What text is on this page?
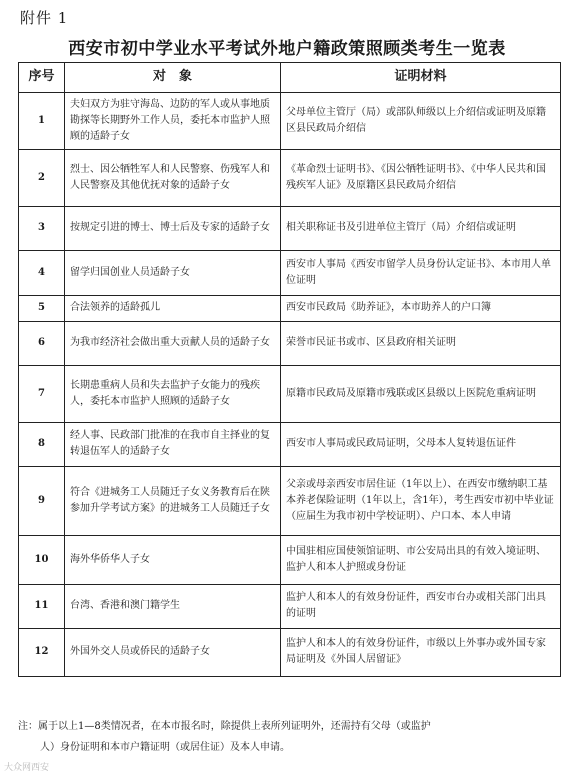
附件 1
西安市初中学业水平考试外地户籍政策照顾类考生一览表
序号	对　象	证明材料
1	夫妇双方为驻守海岛、边防的军人或从事地质勘探等长期野外工作人员，委托本市监护人照顾的适龄子女	父母单位主管厅（局）或部队师级以上介绍信或证明及原籍区县民政局介绍信
2	烈士、因公牺牲军人和人民警察、伤残军人和人民警察及其他优抚对象的适龄子女	《革命烈士证明书》、《因公牺牲证明书》、《中华人民共和国残疾军人证》及原籍区县民政局介绍信
3	按规定引进的博士、博士后及专家的适龄子女	相关职称证书及引进单位主管厅（局）介绍信或证明
4	留学归国创业人员适龄子女	西安市人事局《西安市留学人员身份认定证书》、本市用人单位证明
5	合法领养的适龄孤儿	西安市民政局《助养证》，本市助养人的户口簿
6	为我市经济社会做出重大贡献人员的适龄子女	荣誉市民证书或市、区县政府相关证明
7	长期患重病人员和失去监护子女能力的残疾人，委托本市监护人照顾的适龄子女	原籍市民政局及原籍市残联或区县级以上医院危重病证明
8	经人事、民政部门批准的在我市自主择业的复转退伍军人的适龄子女	西安市人事局或民政局证明，父母本人复转退伍证件
9	符合《进城务工人员随迁子女义务教育后在陕参加升学考试方案》的进城务工人员随迁子女	父亲或母亲西安市居住证（1年以上）、在西安市缴纳职工基本养老保险证明（1年以上，含1年），考生西安市初中毕业证（应届生为我市初中学校证明）、户口本、本人申请
10	海外华侨华人子女	中国驻相应国使领馆证明、市公安局出具的有效入境证明、监护人和本人护照或身份证
11	台湾、香港和澳门籍学生	监护人和本人的有效身份证件，西安市台办或相关部门出具的证明
12	外国外交人员或侨民的适龄子女	监护人和本人的有效身份证件，市级以上外事办或外国专家局证明及《外国人居留证》
注：属于以上1—8类情况者，在本市报名时，除提供上表所列证明外，还需持有父母（或监护
人）身份证明和本市户籍证明（或居住证）及本人申请。
大众网西安
